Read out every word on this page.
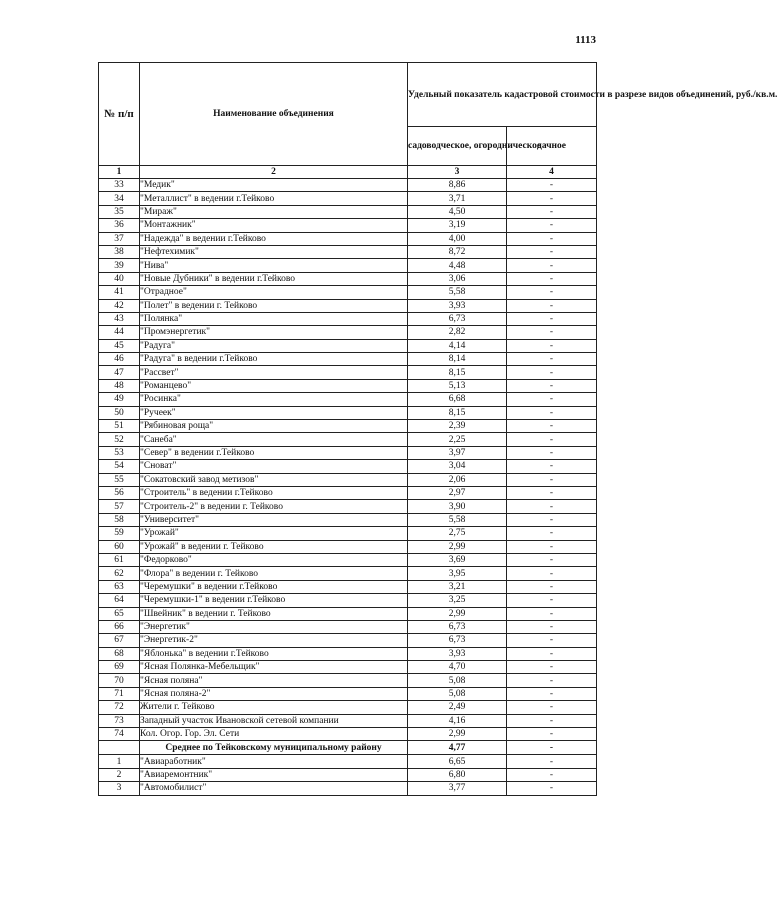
1113
№ п/п	Наименование объединения	Удельный показатель кадастровой стоимости в разрезе видов объединений, руб./кв.м.	
		садоводческое, огородническое	дачное
1	2	3	4
33	"Медик"	8,86	-
34	"Металлист" в ведении г.Тейково	3,71	-
35	"Мираж"	4,50	-
36	"Монтажник"	3,19	-
37	"Надежда" в ведении г.Тейково	4,00	-
38	"Нефтехимик"	8,72	-
39	"Нива"	4,48	-
40	"Новые Дубники" в ведении г.Тейково	3,06	-
41	"Отрадное"	5,58	-
42	"Полет" в ведении г. Тейково	3,93	-
43	"Полянка"	6,73	-
44	"Промэнергетик"	2,82	-
45	"Радуга"	4,14	-
46	"Радуга" в ведении г.Тейково	8,14	-
47	"Рассвет"	8,15	-
48	"Романцево"	5,13	-
49	"Росинка"	6,68	-
50	"Ручеек"	8,15	-
51	"Рябиновая роща"	2,39	-
52	"Санеба"	2,25	-
53	"Север" в ведении г.Тейково	3,97	-
54	"Сноват"	3,04	-
55	"Сокатовский завод метизов"	2,06	-
56	"Строитель" в ведении г.Тейково	2,97	-
57	"Строитель-2" в ведении г. Тейково	3,90	-
58	"Университет"	5,58	-
59	"Урожай"	2,75	-
60	"Урожай" в ведении г. Тейково	2,99	-
61	"Федорково"	3,69	-
62	"Флора" в ведении г. Тейково	3,95	-
63	"Черемушки" в ведении г.Тейково	3,21	-
64	"Черемушки-1" в ведении г.Тейково	3,25	-
65	"Швейник" в ведении г. Тейково	2,99	-
66	"Энергетик"	6,73	-
67	"Энергетик-2"	6,73	-
68	"Яблонька" в ведении г.Тейково	3,93	-
69	"Ясная Полянка-Мебельщик"	4,70	-
70	"Ясная поляна"	5,08	-
71	"Ясная поляна-2"	5,08	-
72	Жители г. Тейково	2,49	-
73	Западный участок Ивановской сетевой компании	4,16	-
74	Кол. Огор. Гор. Эл. Сети	2,99	-
	Среднее по Тейковскому муниципальному району	4,77	-
1	"Авиаработник"	6,65	-
2	"Авиаремонтник"	6,80	-
3	"Автомобилист"	3,77	-
